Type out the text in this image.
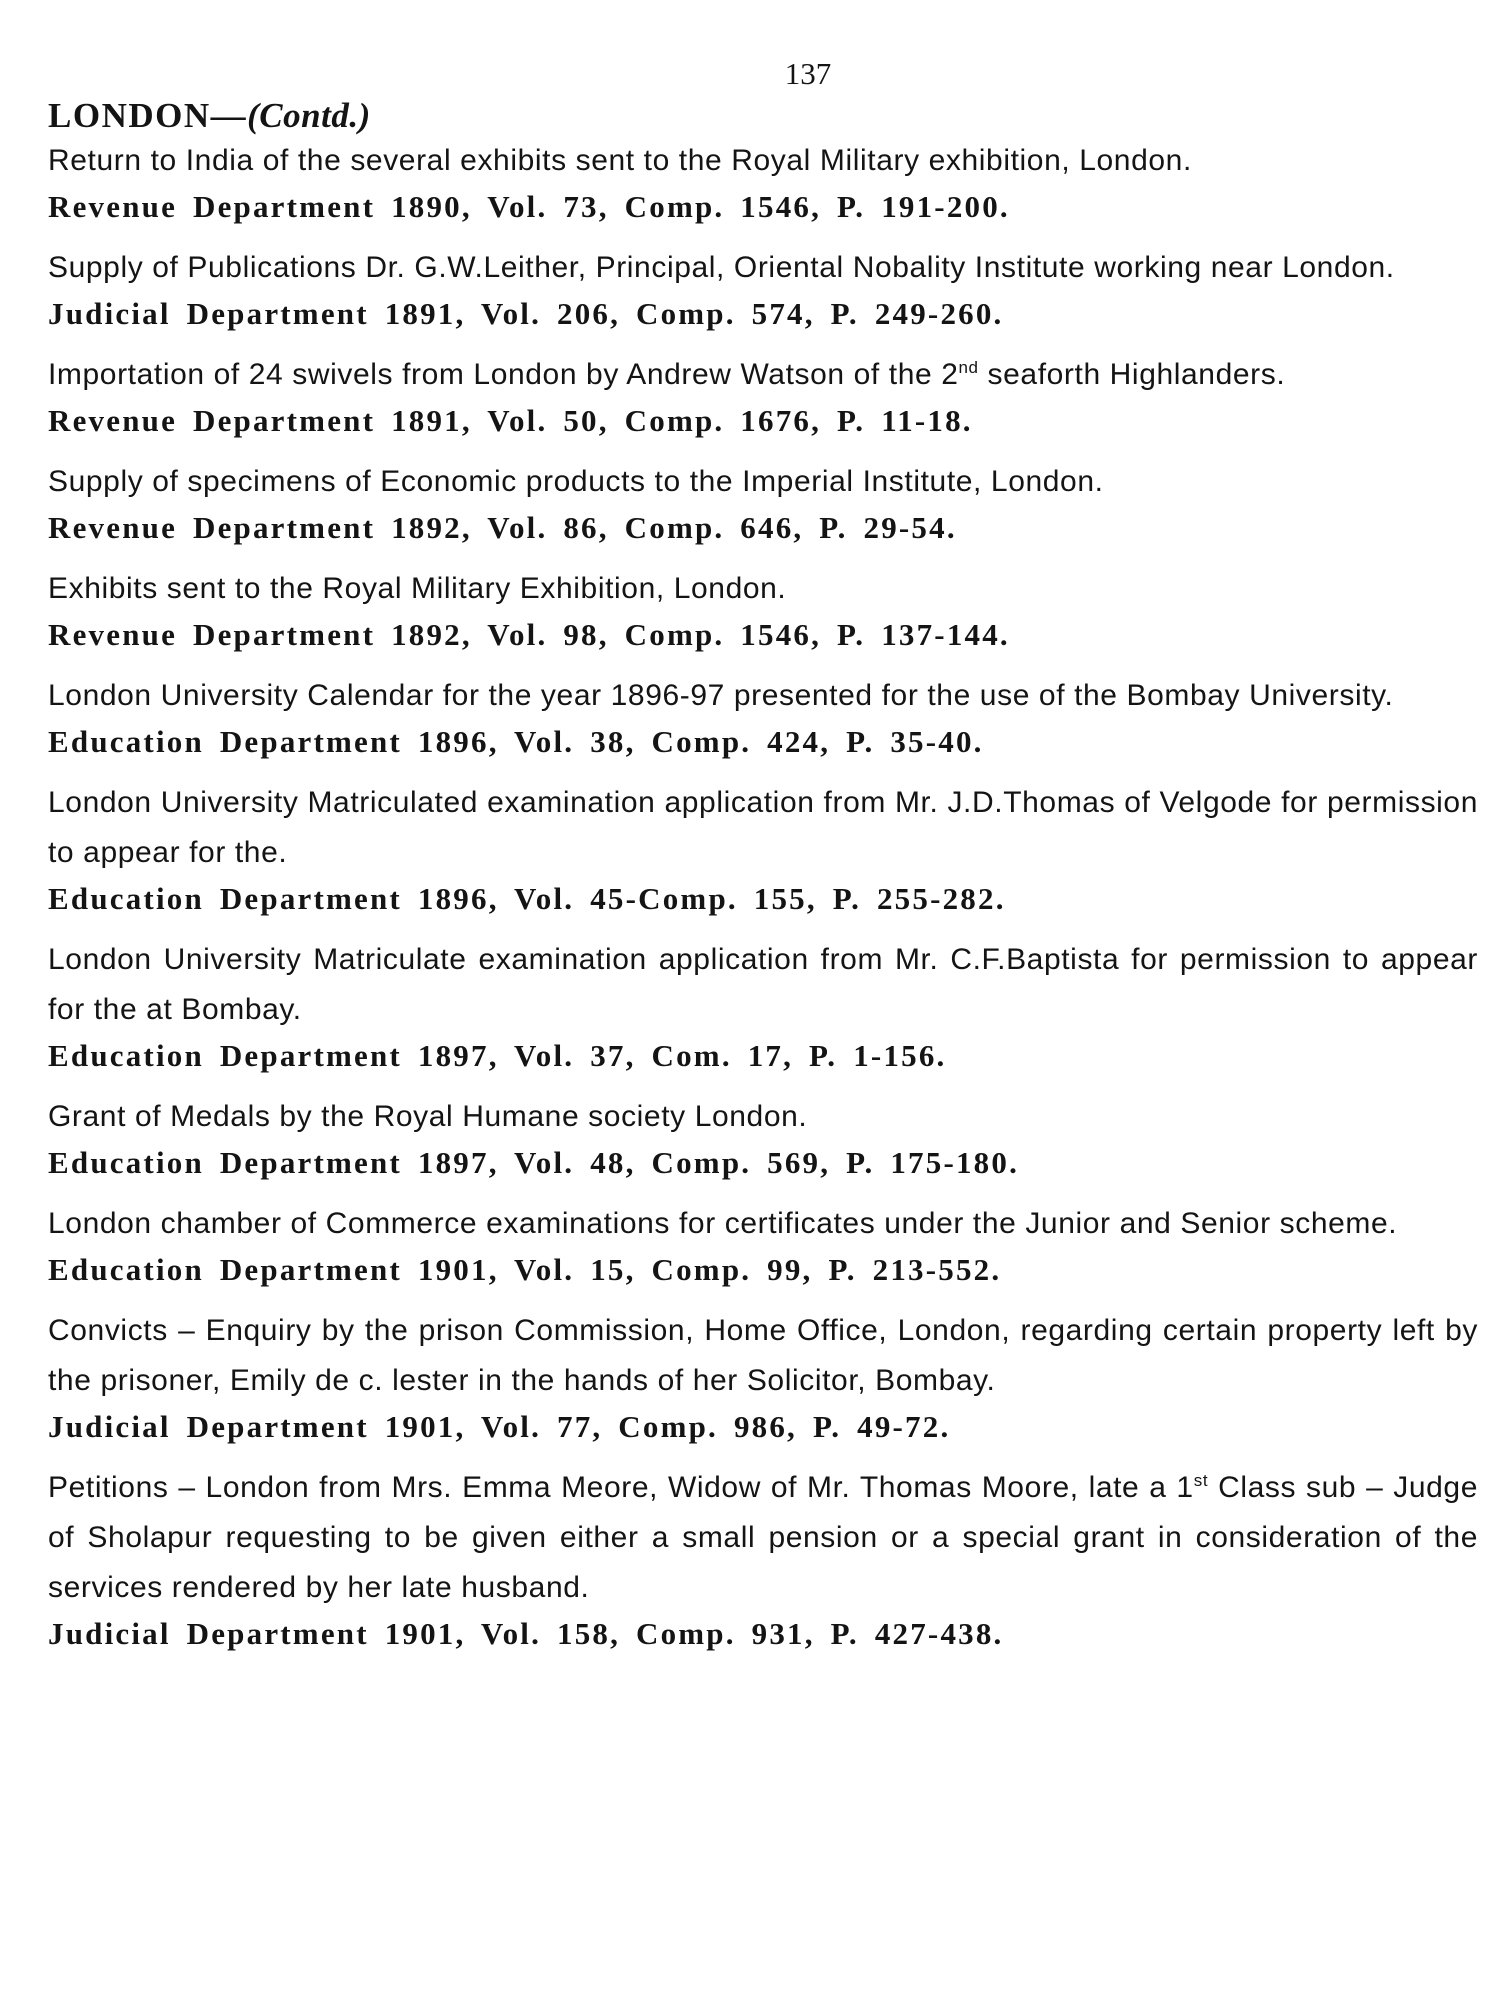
137
LONDON—(Contd.)
Return to India of the several exhibits sent to the Royal Military exhibition, London.
Revenue Department 1890, Vol. 73, Comp. 1546, P. 191-200.
Supply of Publications Dr. G.W.Leither, Principal, Oriental Nobality Institute working near London.
Judicial Department 1891, Vol. 206, Comp. 574, P. 249-260.
Importation of 24 swivels from London by Andrew Watson of the 2nd seaforth Highlanders.
Revenue Department 1891, Vol. 50, Comp. 1676, P. 11-18.
Supply of specimens of Economic products to the Imperial Institute, London.
Revenue Department 1892, Vol. 86, Comp. 646, P. 29-54.
Exhibits sent to the Royal Military Exhibition, London.
Revenue Department 1892, Vol. 98, Comp. 1546, P. 137-144.
London University Calendar for the year 1896-97 presented for the use of the Bombay University.
Education Department 1896, Vol. 38, Comp. 424, P. 35-40.
London University Matriculated examination application from Mr. J.D.Thomas of Velgode for permission to appear for the.
Education Department 1896, Vol. 45-Comp. 155, P. 255-282.
London University Matriculate examination application from Mr. C.F.Baptista for permission to appear for the at Bombay.
Education Department 1897, Vol. 37, Com. 17, P. 1-156.
Grant of Medals by the Royal Humane society London.
Education Department 1897, Vol. 48, Comp. 569, P. 175-180.
London chamber of Commerce examinations for certificates under the Junior and Senior scheme.
Education Department 1901, Vol. 15, Comp. 99, P. 213-552.
Convicts – Enquiry by the prison Commission, Home Office, London, regarding certain property left by the prisoner, Emily de c. lester in the hands of her Solicitor, Bombay.
Judicial Department 1901, Vol. 77, Comp. 986, P. 49-72.
Petitions – London from Mrs. Emma Meore, Widow of Mr. Thomas Moore, late a 1st Class sub – Judge of Sholapur requesting to be given either a small pension or a special grant in consideration of the services rendered by her late husband.
Judicial Department 1901, Vol. 158, Comp. 931, P. 427-438.
